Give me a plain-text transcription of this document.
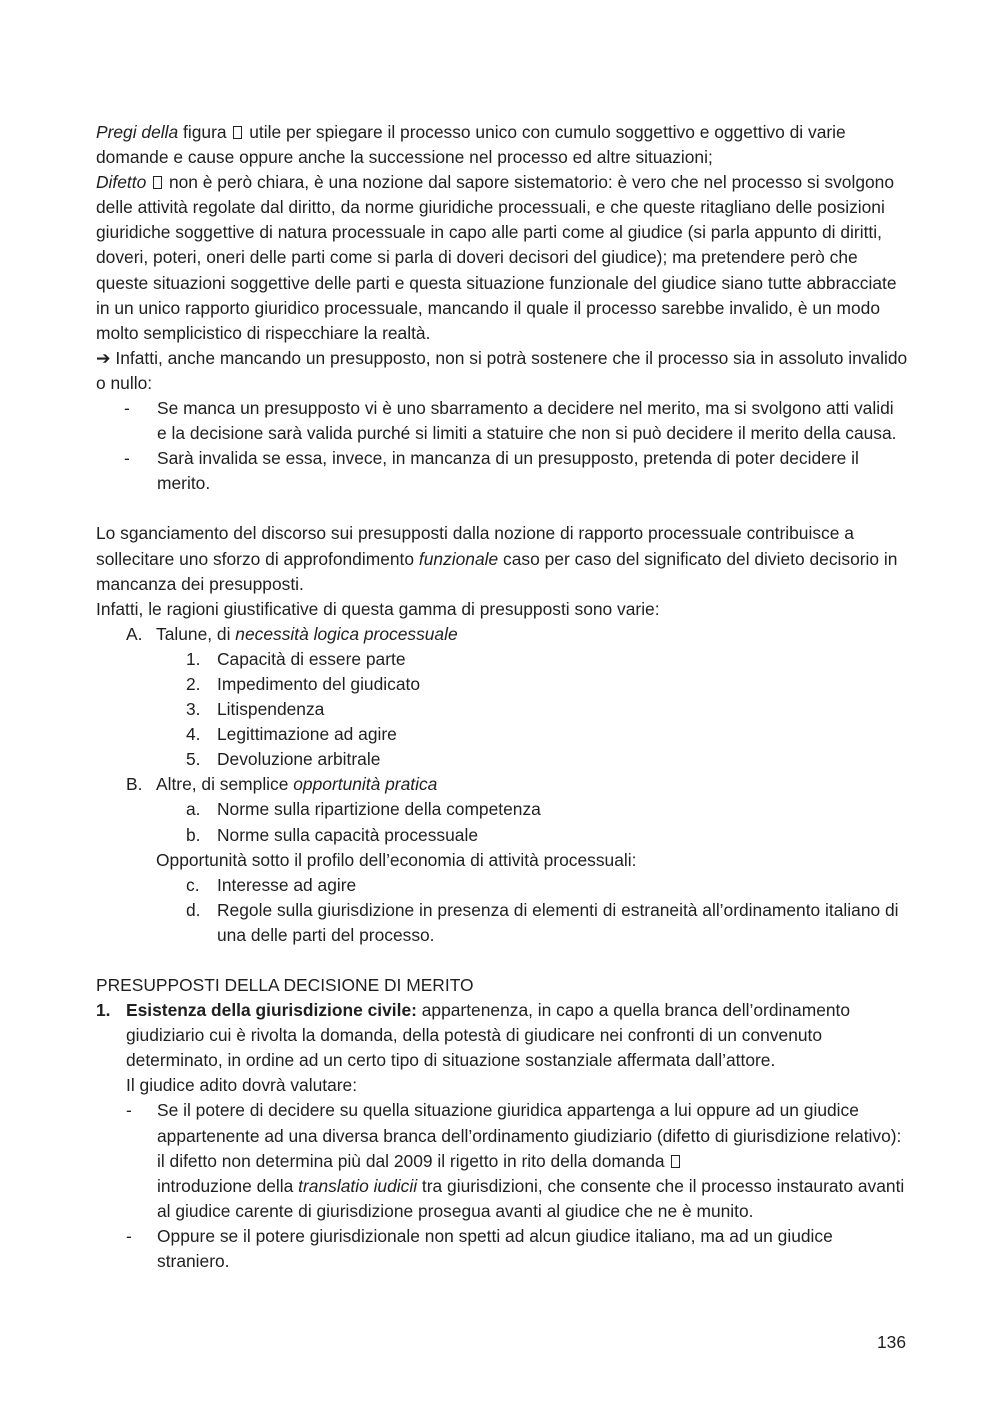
Pregi della figura utile per spiegare il processo unico con cumulo soggettivo e oggettivo di varie domande e cause oppure anche la successione nel processo ed altre situazioni;

Difetto non è però chiara, è una nozione dal sapore sistematorio: è vero che nel processo si svolgono delle attività regolate dal diritto, da norme giuridiche processuali, e che queste ritagliano delle posizioni giuridiche soggettive di natura processuale in capo alle parti come al giudice (si parla appunto di diritti, doveri, poteri, oneri delle parti come si parla di doveri decisori del giudice); ma pretendere però che queste situazioni soggettive delle parti e questa situazione funzionale del giudice siano tutte abbracciate in un unico rapporto giuridico processuale, mancando il quale il processo sarebbe invalido, è un modo molto semplicistico di rispecchiare la realtà.

➔ Infatti, anche mancando un presupposto, non si potrà sostenere che il processo sia in assoluto invalido o nullo:

-	Se manca un presupposto vi è uno sbarramento a decidere nel merito, ma si svolgono atti validi e la decisione sarà valida purché si limiti a statuire che non si può decidere il merito della causa.
-	Sarà invalida se essa, invece, in mancanza di un presupposto, pretenda di poter decidere il merito.

Lo sganciamento del discorso sui presupposti dalla nozione di rapporto processuale contribuisce a sollecitare uno sforzo di approfondimento funzionale caso per caso del significato del divieto decisorio in mancanza dei presupposti.

Infatti, le ragioni giustificative di questa gamma di presupposti sono varie:

A. Talune, di necessità logica processuale
1. Capacità di essere parte
2. Impedimento del giudicato
3. Litispendenza
4. Legittimazione ad agire
5. Devoluzione arbitrale
B. Altre, di semplice opportunità pratica
a. Norme sulla ripartizione della competenza
b. Norme sulla capacità processuale

Opportunità sotto il profilo dell’economia di attività processuali:

c.	Interesse ad agire
d. Regole sulla giurisdizione in presenza di elementi di estraneità all’ordinamento italiano di una delle parti del processo.

PRESUPPOSTI DELLA DECISIONE DI MERITO

1. Esistenza della giurisdizione civile: appartenenza, in capo a quella branca dell’ordinamento giudiziario cui è rivolta la domanda, della potestà di giudicare nei confronti di un convenuto determinato, in ordine ad un certo tipo di situazione sostanziale affermata dall’attore.

Il giudice adito dovrà valutare:

-	Se il potere di decidere su quella situazione giuridica appartenga a lui oppure ad un giudice appartenente ad una diversa branca dell’ordinamento giudiziario (difetto di giurisdizione relativo): il difetto non determina più dal 2009 il rigetto in rito della domanda
introduzione della translatio iudicii tra giurisdizioni, che consente che il processo instaurato avanti al giudice carente di giurisdizione prosegua avanti al giudice che ne è munito.
-	Oppure se il potere giurisdizionale non spetti ad alcun giudice italiano, ma ad un giudice straniero.
136
